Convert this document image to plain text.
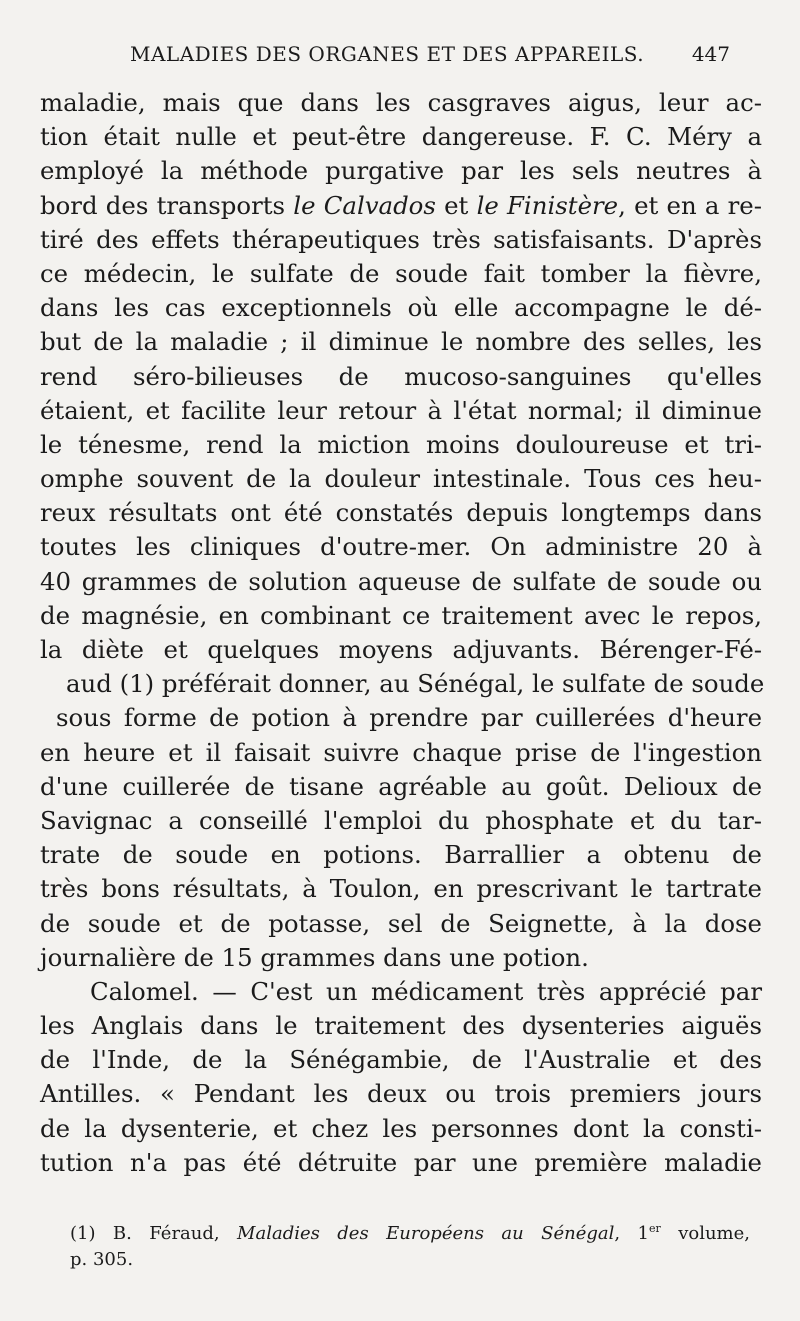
MALADIES DES ORGANES ET DES APPAREILS. 447
maladie, mais que dans les casgraves aigus, leur ac-
tion était nulle et peut-être dangereuse. F. C. Méry a
employé la méthode purgative par les sels neutres à
bord des transports le Calvados et le Finistère, et en a re-
tiré des effets thérapeutiques très satisfaisants. D'après
ce médecin, le sulfate de soude fait tomber la fièvre,
dans les cas exceptionnels où elle accompagne le dé-
but de la maladie ; il diminue le nombre des selles, les
rend séro-bilieuses de mucoso-sanguines qu'elles
étaient, et facilite leur retour à l'état normal; il diminue
le ténesme, rend la miction moins douloureuse et tri-
omphe souvent de la douleur intestinale. Tous ces heu-
reux résultats ont été constatés depuis longtemps dans
toutes les cliniques d'outre-mer. On administre 20 à
40 grammes de solution aqueuse de sulfate de soude ou
de magnésie, en combinant ce traitement avec le repos,
la diète et quelques moyens adjuvants. Bérenger-Fé-
aud (1) préférait donner, au Sénégal, le sulfate de soude
sous forme de potion à prendre par cuillerées d'heure
en heure et il faisait suivre chaque prise de l'ingestion
d'une cuillerée de tisane agréable au goût. Delioux de
Savignac a conseillé l'emploi du phosphate et du tar-
trate de soude en potions. Barrallier a obtenu de
très bons résultats, à Toulon, en prescrivant le tartrate
de soude et de potasse, sel de Seignette, à la dose
journalière de 15 grammes dans une potion.
Calomel. — C'est un médicament très apprécié par
les Anglais dans le traitement des dysenteries aiguës
de l'Inde, de la Sénégambie, de l'Australie et des
Antilles. « Pendant les deux ou trois premiers jours
de la dysenterie, et chez les personnes dont la consti-
tution n'a pas été détruite par une première maladie
(1) B. Féraud, Maladies des Européens au Sénégal, 1er volume,
p. 305.
